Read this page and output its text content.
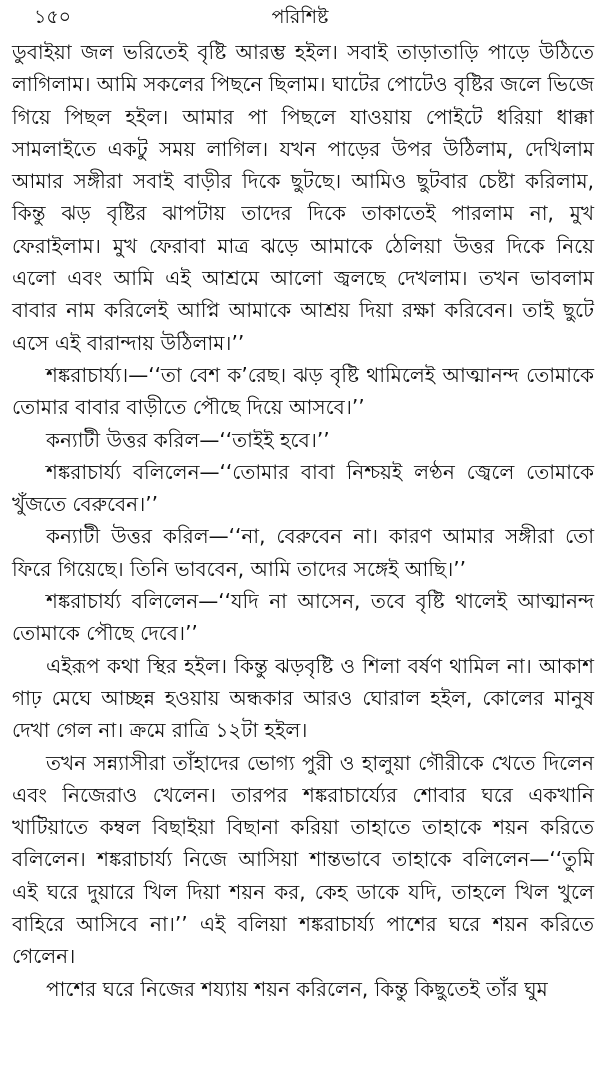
১৫০	পরিশিষ্ট

ডুবাইয়া জল ভরিতেই বৃষ্টি আরম্ভ হইল। সবাই তাড়াতাড়ি পাড়ে উঠিতে লাগিলাম। আমি সকলের পিছনে ছিলাম। ঘাটের পোটেও বৃষ্টির জলে ভিজে গিয়ে পিছল হইল। আমার পা পিছলে যাওয়ায় পোইটে ধরিয়া ধাক্কা সামলাইতে একটু সময় লাগিল। যখন পাড়ের উপর উঠিলাম, দেখিলাম আমার সঙ্গীরা সবাই বাড়ীর দিকে ছুটছে। আমিও ছুটবার চেষ্টা করিলাম, কিন্তু ঝড় বৃষ্টির ঝাপটায় তাদের দিকে তাকাতেই পারলাম না, মুখ ফেরাইলাম। মুখ ফেরাবা মাত্র ঝড়ে আমাকে ঠেলিয়া উত্তর দিকে নিয়ে এলো এবং আমি এই আশ্রমে আলো জ্বলছে দেখলাম। তখন ভাবলাম বাবার নাম করিলেই আপ্নি আমাকে আশ্রয় দিয়া রক্ষা করিবেন। তাই ছুটে এসে এই বারান্দায় উঠিলাম।’’

শঙ্করাচার্য্য।—‘‘তা বেশ ক’রেছ। ঝড় বৃষ্টি থামিলেই আত্মানন্দ তোমাকে তোমার বাবার বাড়ীতে পৌছে দিয়ে আসবে।’’

কন্যাটী উত্তর করিল—‘‘তাইই হবে।’’

শঙ্করাচার্য্য বলিলেন—‘‘তোমার বাবা নিশ্চয়ই লণ্ঠন জ্বেলে তোমাকে খুঁজতে বেরুবেন।’’

কন্যাটী উত্তর করিল—‘‘না, বেরুবেন না। কারণ আমার সঙ্গীরা তো ফিরে গিয়েছে। তিনি ভাববেন, আমি তাদের সঙ্গেই আছি।’’

শঙ্করাচার্য্য বলিলেন—‘‘যদি না আসেন, তবে বৃষ্টি থালেই আত্মানন্দ তোমাকে পৌছে দেবে।’’

এইরূপ কথা স্থির হইল। কিন্তু ঝড়বৃষ্টি ও শিলা বর্ষণ থামিল না। আকাশ গাঢ় মেঘে আচ্ছন্ন হওয়ায় অন্ধকার আরও ঘোরাল হইল, কোলের মানুষ দেখা গেল না। ক্রমে রাত্রি ১২টা হইল।

তখন সন্ন্যাসীরা তাঁহাদের ভোগ্য পুরী ও হালুয়া গৌরীকে খেতে দিলেন এবং নিজেরাও খেলেন। তারপর শঙ্করাচার্য্যের শোবার ঘরে একখানি খাটিয়াতে কম্বল বিছাইয়া বিছানা করিয়া তাহাতে তাহাকে শয়ন করিতে বলিলেন। শঙ্করাচার্য্য নিজে আসিয়া শান্তভাবে তাহাকে বলিলেন—‘‘তুমি এই ঘরে দুয়ারে খিল দিয়া শয়ন কর, কেহ ডাকে যদি, তাহলে খিল খুলে বাহিরে আসিবে না।’’ এই বলিয়া শঙ্করাচার্য্য পাশের ঘরে শয়ন করিতে গেলেন।

পাশের ঘরে নিজের শয্যায় শয়ন করিলেন, কিন্তু কিছুতেই তাঁর ঘুম
